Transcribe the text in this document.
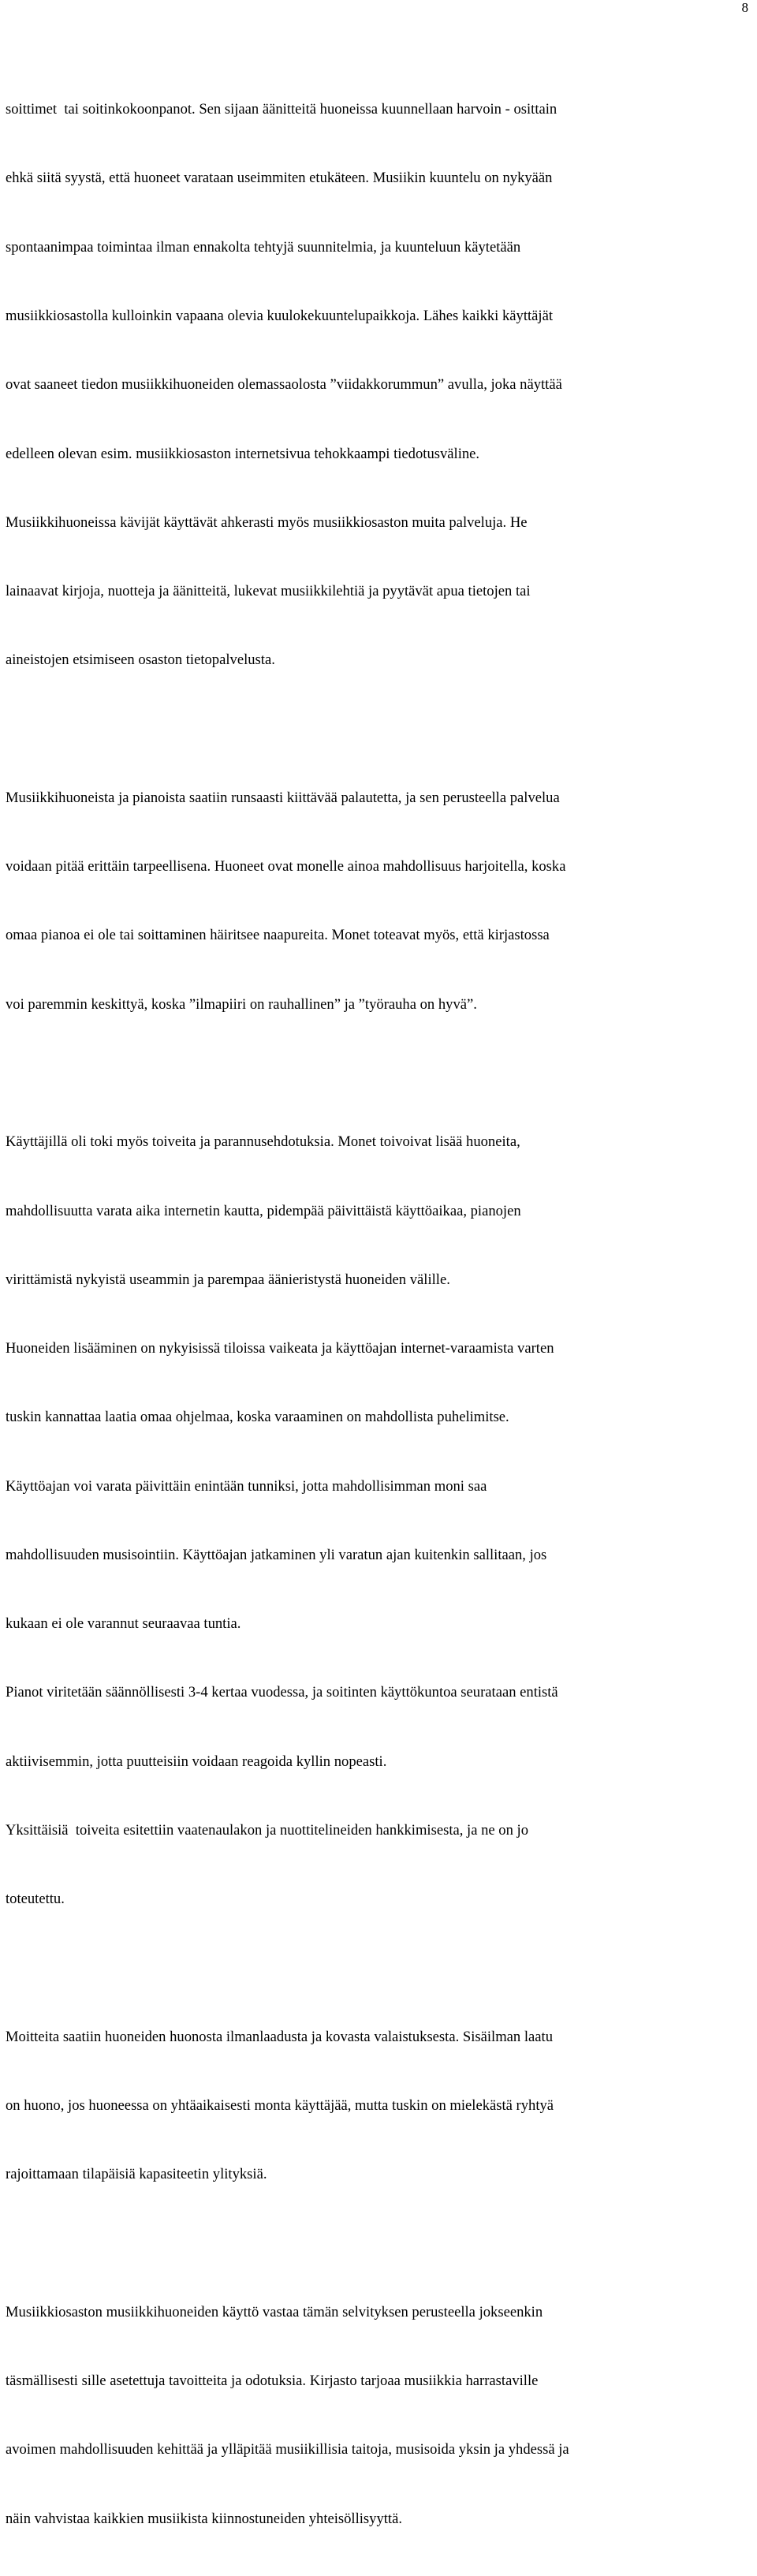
8

soittimet  tai soitinkokoonpanot. Sen sijaan äänitteitä huoneissa kuunnellaan harvoin - osittain

ehkä siitä syystä, että huoneet varataan useimmiten etukäteen. Musiikin kuuntelu on nykyään

spontaanimpaa toimintaa ilman ennakolta tehtyjä suunnitelmia, ja kuunteluun käytetään

musiikkiosastolla kulloinkin vapaana olevia kuulokekuuntelupaikkoja. Lähes kaikki käyttäjät

ovat saaneet tiedon musiikkihuoneiden olemassaolosta ”viidakkorummun” avulla, joka näyttää

edelleen olevan esim. musiikkiosaston internetsivua tehokkaampi tiedotusväline.

Musiikkihuoneissa kävijät käyttävät ahkerasti myös musiikkiosaston muita palveluja. He

lainaavat kirjoja, nuotteja ja äänitteitä, lukevat musiikkilehtiä ja pyytävät apua tietojen tai

aineistojen etsimiseen osaston tietopalvelusta.

Musiikkihuoneista ja pianoista saatiin runsaasti kiittävää palautetta, ja sen perusteella palvelua

voidaan pitää erittäin tarpeellisena. Huoneet ovat monelle ainoa mahdollisuus harjoitella, koska

omaa pianoa ei ole tai soittaminen häiritsee naapureita. Monet toteavat myös, että kirjastossa

voi paremmin keskittyä, koska ”ilmapiiri on rauhallinen” ja ”työrauha on hyvä”.

Käyttäjillä oli toki myös toiveita ja parannusehdotuksia. Monet toivoivat lisää huoneita,

mahdollisuutta varata aika internetin kautta, pidempää päivittäistä käyttöaikaa, pianojen

virittämistä nykyistä useammin ja parempaa äänieristystä huoneiden välille.

Huoneiden lisääminen on nykyisissä tiloissa vaikeata ja käyttöajan internet-varaamista varten

tuskin kannattaa laatia omaa ohjelmaa, koska varaaminen on mahdollista puhelimitse.

Käyttöajan voi varata päivittäin enintään tunniksi, jotta mahdollisimman moni saa

mahdollisuuden musisointiin. Käyttöajan jatkaminen yli varatun ajan kuitenkin sallitaan, jos

kukaan ei ole varannut seuraavaa tuntia.

Pianot viritetään säännöllisesti 3-4 kertaa vuodessa, ja soitinten käyttökuntoa seurataan entistä

aktiivisemmin, jotta puutteisiin voidaan reagoida kyllin nopeasti.

Yksittäisiä  toiveita esitettiin vaatenaulakon ja nuottitelineiden hankkimisesta, ja ne on jo

toteutettu.

Moitteita saatiin huoneiden huonosta ilmanlaadusta ja kovasta valaistuksesta. Sisäilman laatu

on huono, jos huoneessa on yhtäaikaisesti monta käyttäjää, mutta tuskin on mielekästä ryhtyä

rajoittamaan tilapäisiä kapasiteetin ylityksiä.

Musiikkiosaston musiikkihuoneiden käyttö vastaa tämän selvityksen perusteella jokseenkin

täsmällisesti sille asetettuja tavoitteita ja odotuksia. Kirjasto tarjoaa musiikkia harrastaville

avoimen mahdollisuuden kehittää ja ylläpitää musiikillisia taitoja, musisoida yksin ja yhdessä ja

näin vahvistaa kaikkien musiikista kiinnostuneiden yhteisöllisyyttä.
